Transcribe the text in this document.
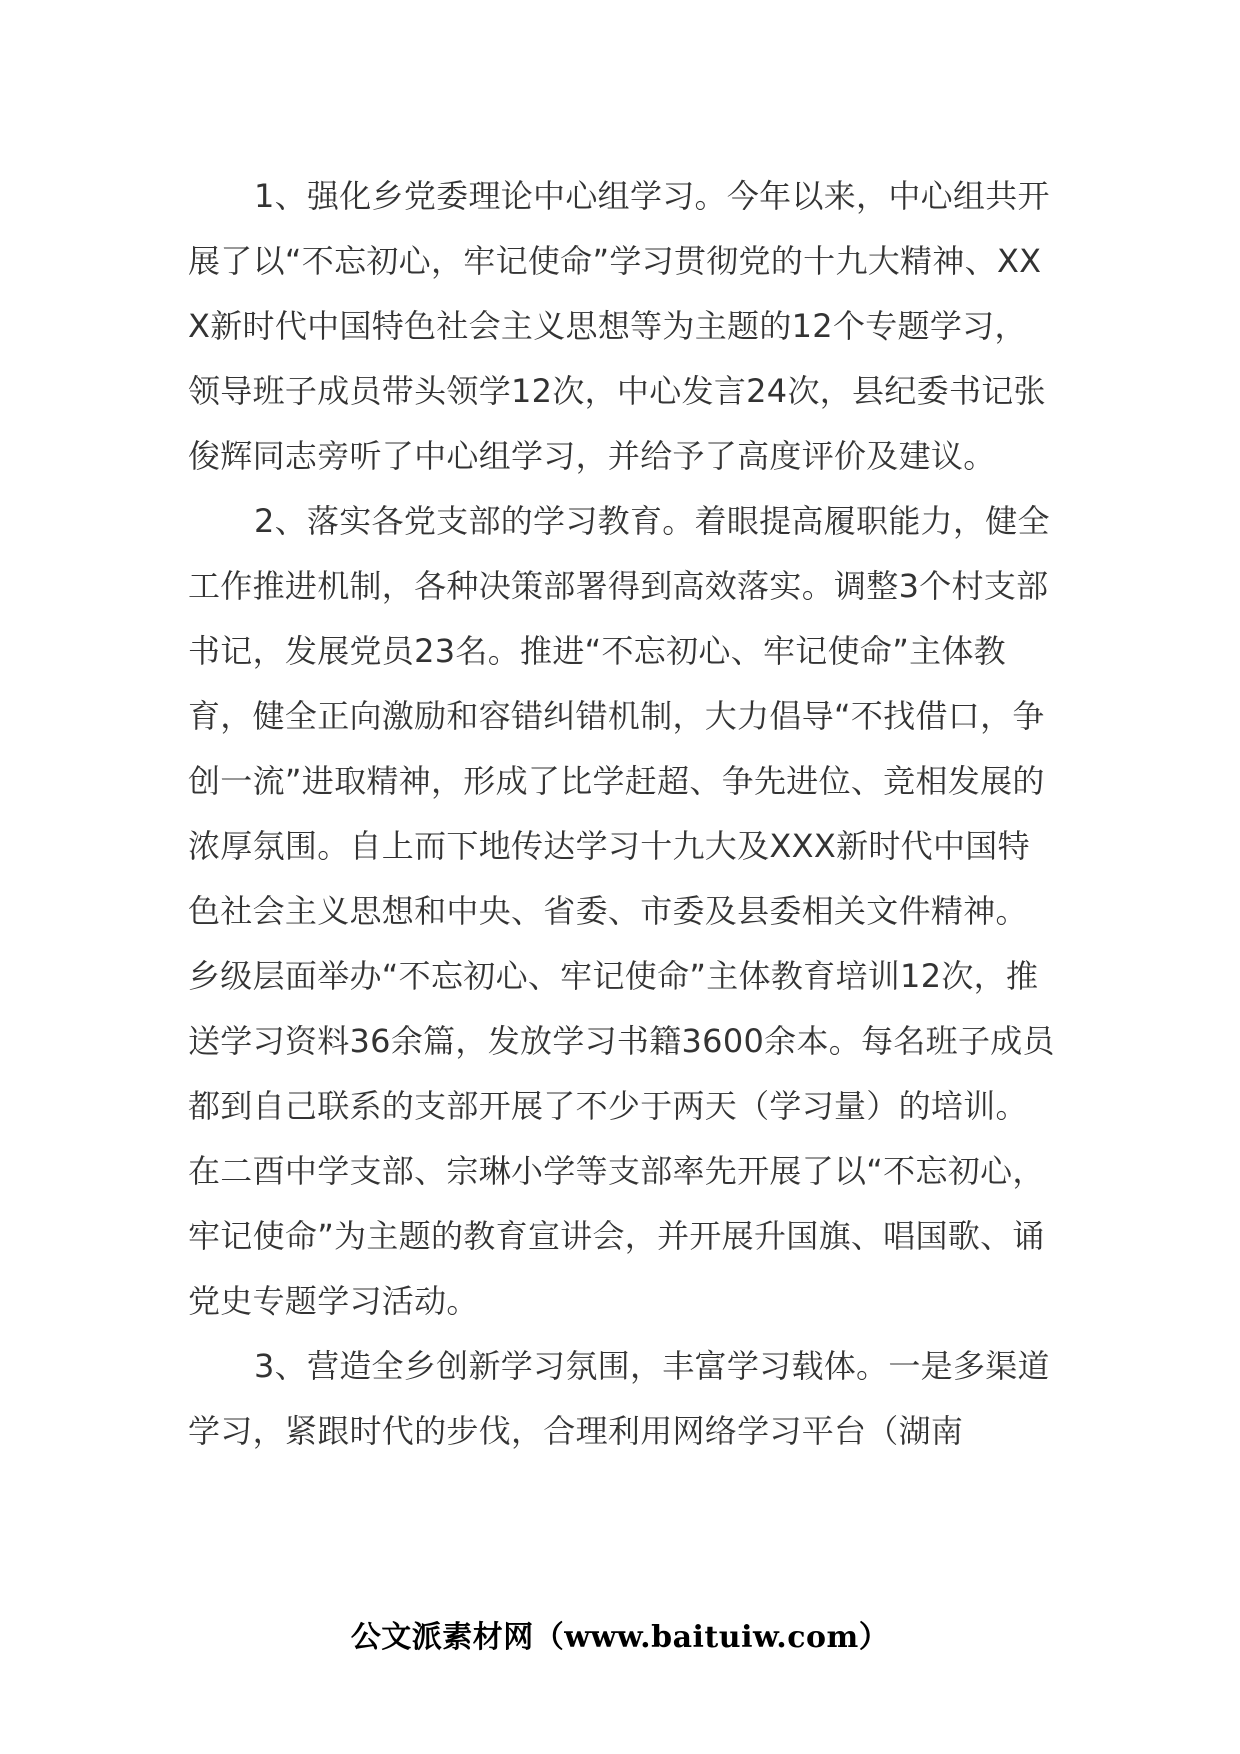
1、强化乡党委理论中心组学习。今年以来，中心组共开展了以“不忘初心，牢记使命”学习贯彻党的十九大精神、XXX新时代中国特色社会主义思想等为主题的12个专题学习，领导班子成员带头领学12次，中心发言24次，县纪委书记张俊辉同志旁听了中心组学习，并给予了高度评价及建议。

2、落实各党支部的学习教育。着眼提高履职能力，健全工作推进机制，各种决策部署得到高效落实。调整3个村支部书记，发展党员23名。推进“不忘初心、牢记使命”主体教育，健全正向激励和容错纠错机制，大力倡导“不找借口，争创一流”进取精神，形成了比学赶超、争先进位、竞相发展的浓厚氛围。自上而下地传达学习十九大及XXX新时代中国特色社会主义思想和中央、省委、市委及县委相关文件精神。乡级层面举办“不忘初心、牢记使命”主体教育培训12次，推送学习资料36余篇，发放学习书籍3600余本。每名班子成员都到自己联系的支部开展了不少于两天（学习量）的培训。在二酉中学支部、宗琳小学等支部率先开展了以“不忘初心，牢记使命”为主题的教育宣讲会，并开展升国旗、唱国歌、诵党史专题学习活动。

3、营造全乡创新学习氛围，丰富学习载体。一是多渠道学习，紧跟时代的步伐，合理利用网络学习平台（湖南

公文派素材网（www.baituiw.com）
